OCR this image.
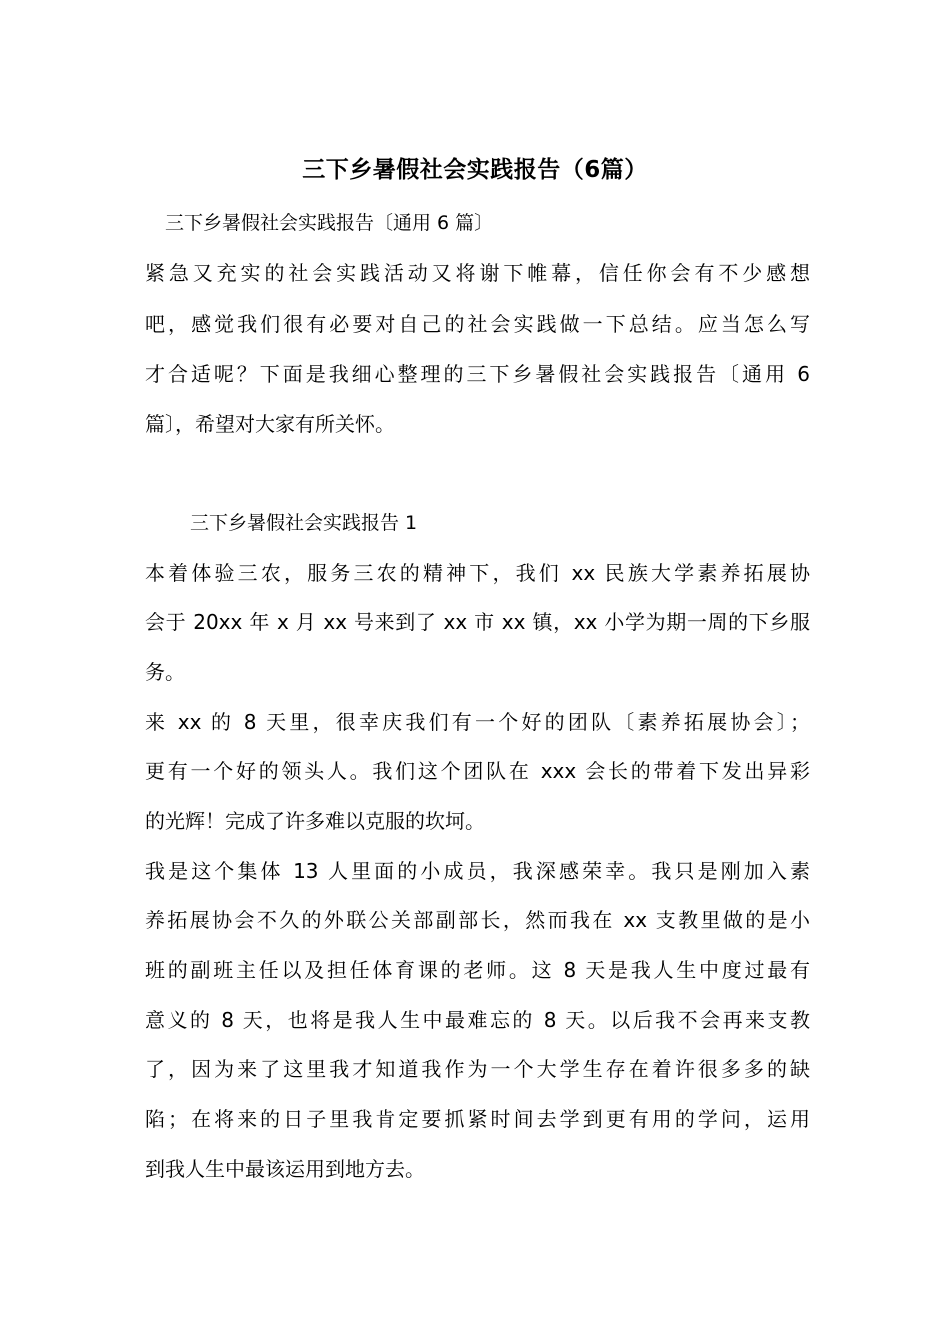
三下乡暑假社会实践报告（6篇）
三下乡暑假社会实践报告〔通用 6 篇〕
紧急又充实的社会实践活动又将谢下帷幕，信任你会有不少感想
吧，感觉我们很有必要对自己的社会实践做一下总结。应当怎么写
才合适呢？下面是我细心整理的三下乡暑假社会实践报告〔通用 6
篇〕，希望对大家有所关怀。
三下乡暑假社会实践报告 1
本着体验三农，服务三农的精神下，我们 xx 民族大学素养拓展协
会于 20xx 年 x 月 xx 号来到了 xx 市 xx 镇，xx 小学为期一周的下乡服
务。
来 xx 的 8 天里，很幸庆我们有一个好的团队〔素养拓展协会〕；
更有一个好的领头人。我们这个团队在 xxx 会长的带着下发出异彩
的光辉！完成了许多难以克服的坎坷。
我是这个集体 13 人里面的小成员，我深感荣幸。我只是刚加入素
养拓展协会不久的外联公关部副部长，然而我在 xx 支教里做的是小
班的副班主任以及担任体育课的老师。这 8 天是我人生中度过最有
意义的 8 天，也将是我人生中最难忘的 8 天。以后我不会再来支教
了，因为来了这里我才知道我作为一个大学生存在着许很多多的缺
陷；在将来的日子里我肯定要抓紧时间去学到更有用的学问，运用
到我人生中最该运用到地方去。
